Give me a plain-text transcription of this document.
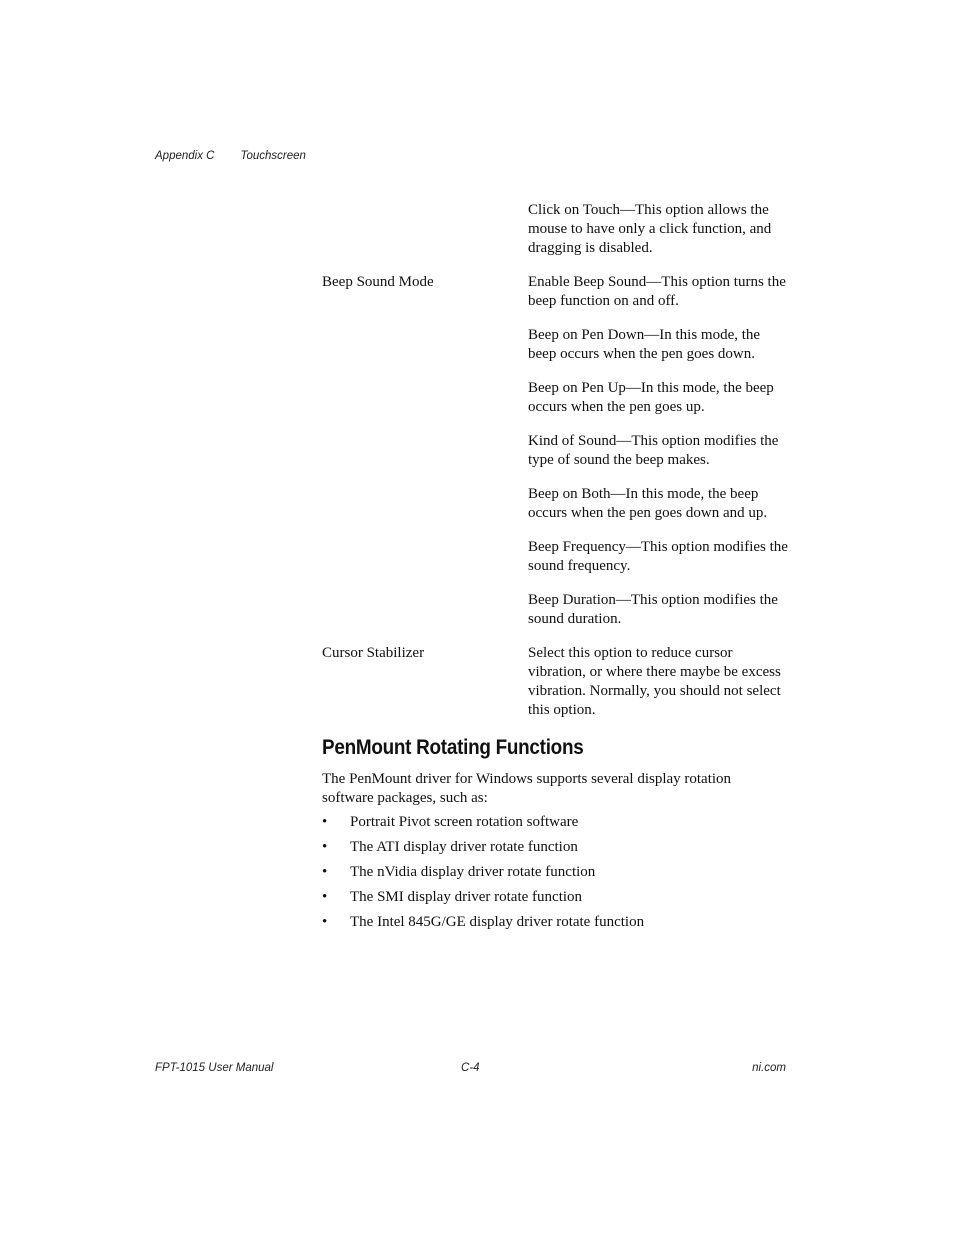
Appendix C Touchscreen

Click on Touch—This option allows the mouse to have only a click function, and dragging is disabled.

Beep Sound Mode	Enable Beep Sound—This option turns the beep function on and off.

Beep on Pen Down—In this mode, the beep occurs when the pen goes down.

Beep on Pen Up—In this mode, the beep occurs when the pen goes up.

Kind of Sound—This option modifies the type of sound the beep makes.

Beep on Both—In this mode, the beep occurs when the pen goes down and up.

Beep Frequency—This option modifies the sound frequency.

Beep Duration—This option modifies the sound duration.

Cursor Stabilizer	Select this option to reduce cursor vibration, or where there maybe be excess vibration. Normally, you should not select this option.

PenMount Rotating Functions

The PenMount driver for Windows supports several display rotation software packages, such as:

•	Portrait Pivot screen rotation software
•	The ATI display driver rotate function
•	The nVidia display driver rotate function
•	The SMI display driver rotate function
•	The Intel 845G/GE display driver rotate function
FPT-1015 User Manual	C-4	ni.com
